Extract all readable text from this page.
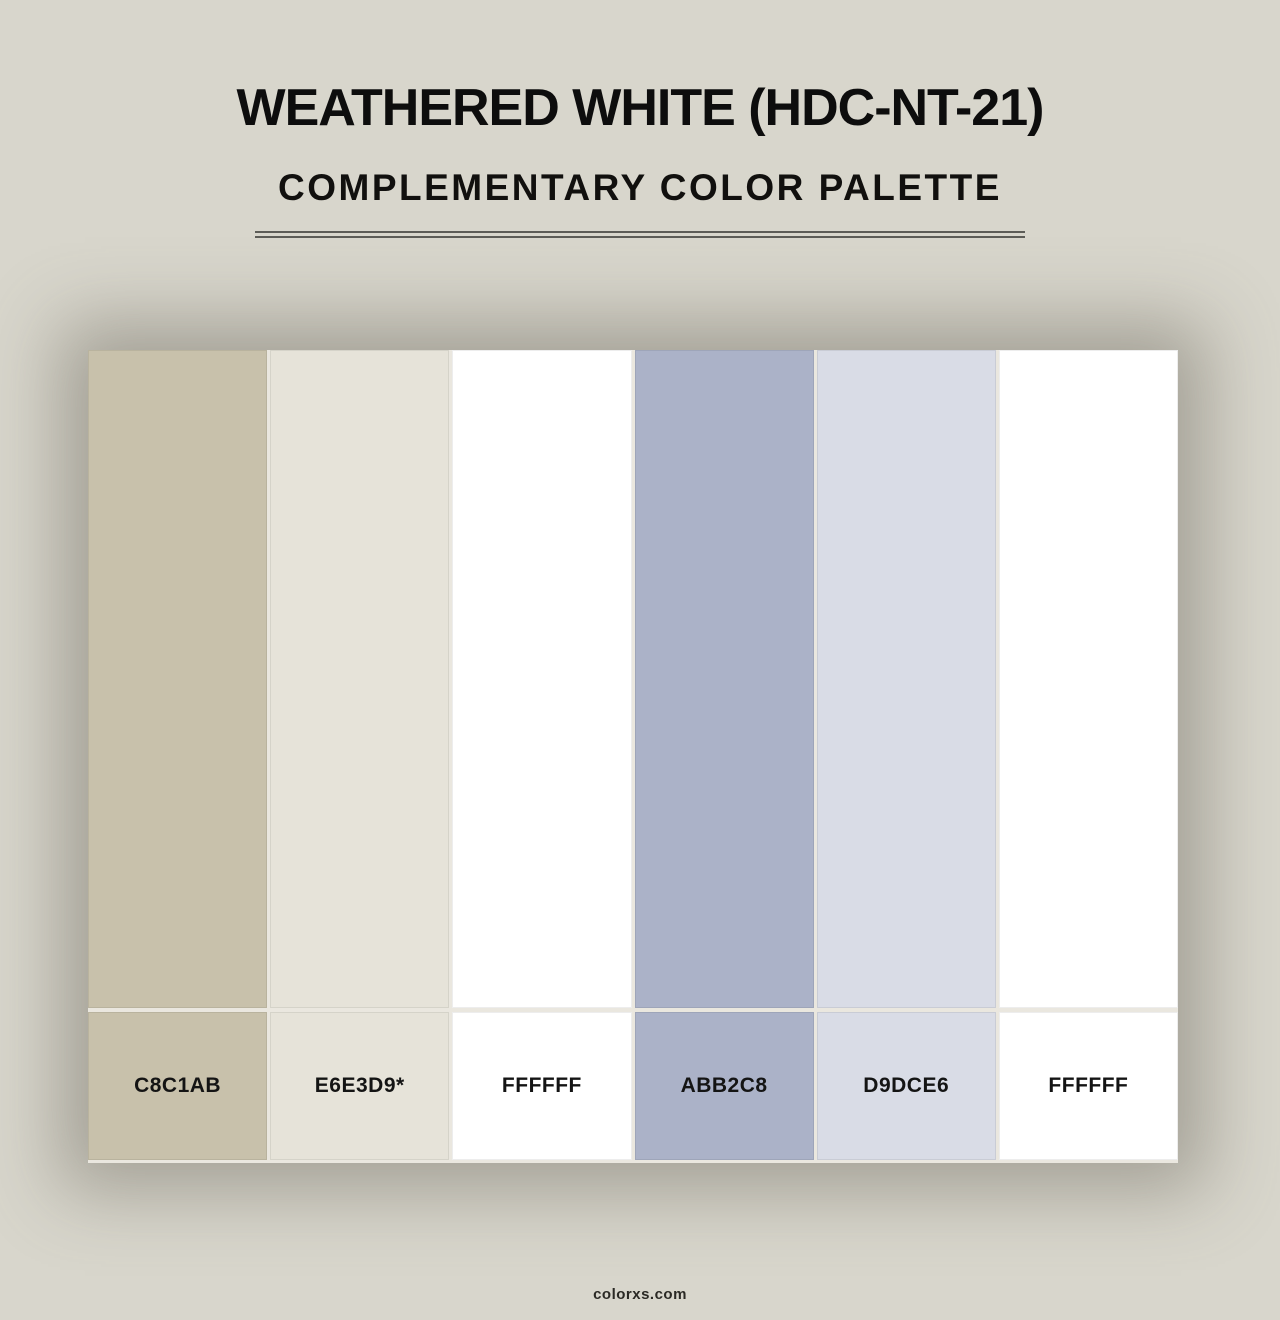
WEATHERED WHITE (HDC-NT-21)
COMPLEMENTARY COLOR PALETTE
C8C1AB	E6E3D9*	FFFFFF	ABB2C8	D9DCE6	FFFFFF
colorxs.com
